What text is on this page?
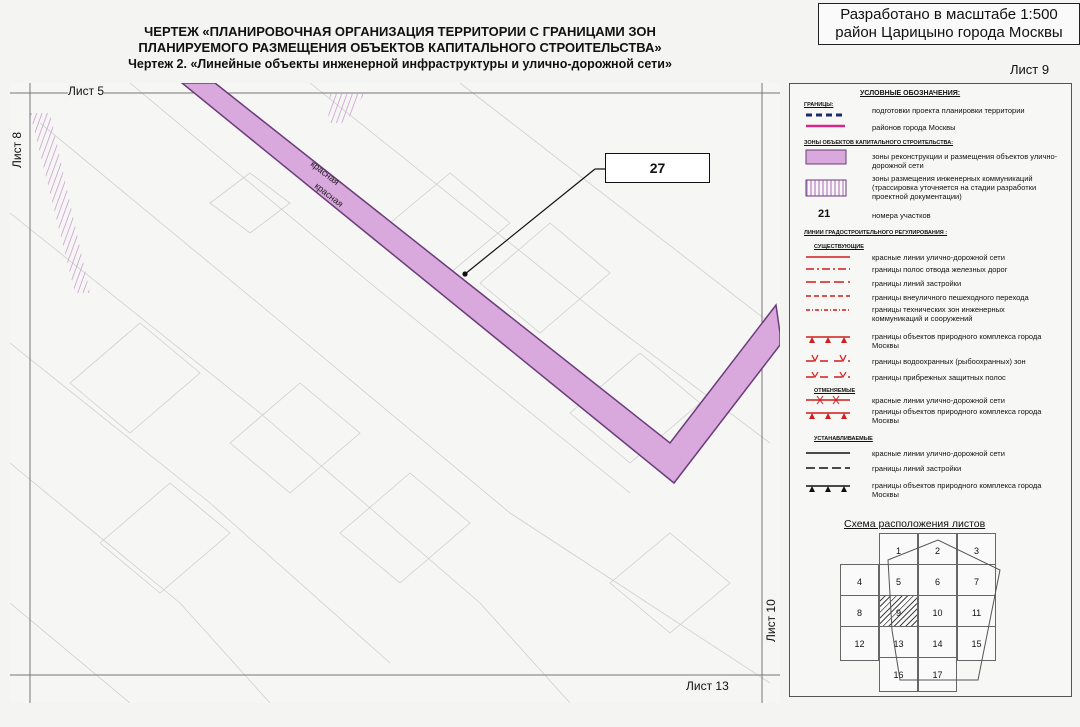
ЧЕРТЕЖ «ПЛАНИРОВОЧНАЯ ОРГАНИЗАЦИЯ ТЕРРИТОРИИ С ГРАНИЦАМИ ЗОН
ПЛАНИРУЕМОГО РАЗМЕЩЕНИЯ ОБЪЕКТОВ КАПИТАЛЬНОГО СТРОИТЕЛЬСТВА»
Чертеж 2. «Линейные объекты инженерной инфраструктуры и улично-дорожной сети»
Разработано в масштабе 1:500
район Царицыно города Москвы
Лист 9
красная
красная
27
Лист 5
Лист 8
Лист 10
Лист 13
УСЛОВНЫЕ ОБОЗНАЧЕНИЯ:
ГРАНИЦЫ:
подготовки проекта планировки территории
районов города Москвы
ЗОНЫ ОБЪЕКТОВ КАПИТАЛЬНОГО СТРОИТЕЛЬСТВА:
зоны реконструкции и размещения объектов улично-дорожной сети
зоны размещения инженерных коммуникаций (трассировка уточняется на стадии разработки проектной документации)
21	номера участков
ЛИНИИ ГРАДОСТРОИТЕЛЬНОГО РЕГУЛИРОВАНИЯ :
СУЩЕСТВУЮЩИЕ
красные линии улично-дорожной сети
границы полос отвода железных дорог
границы линий застройки
границы внеуличного пешеходного перехода
границы технических зон инженерных коммуникаций и сооружений
границы объектов природного комплекса города Москвы
границы водоохранных (рыбоохранных) зон
границы прибрежных защитных полос
ОТМЕНЯЕМЫЕ
красные линии улично-дорожной сети
границы объектов природного комплекса города Москвы
УСТАНАВЛИВАЕМЫЕ
красные линии улично-дорожной сети
границы линий застройки
границы объектов природного комплекса города Москвы
Схема расположения листов
1	2	3
4	5	6	7
8	9	10	11
12	13	14	15
16	17
